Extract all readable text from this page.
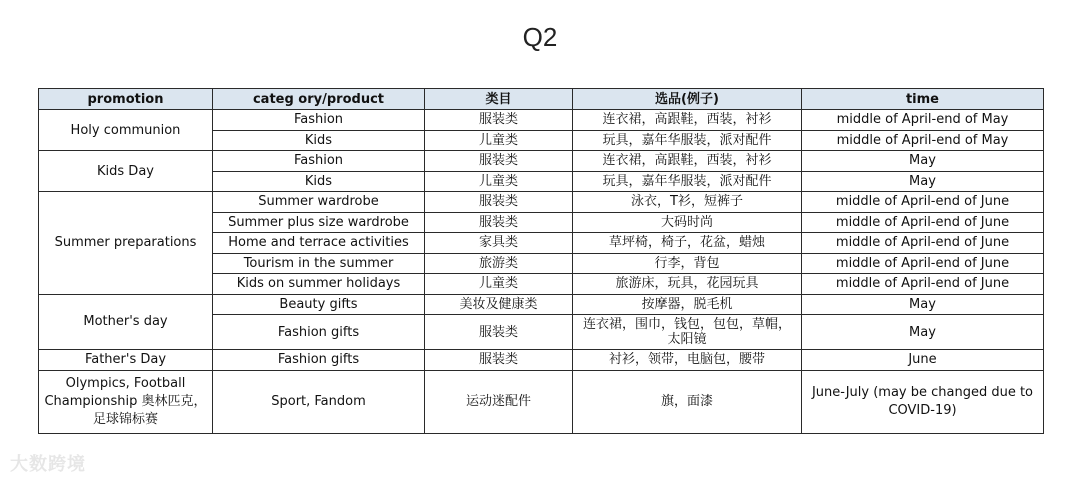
Q2
promotion	categ ory/product	类目	选品(例子)	time
Holy communion	Fashion	服装类	连衣裙，高跟鞋，西装，衬衫	middle of April-end of May
	Kids	儿童类	玩具，嘉年华服装，派对配件	middle of April-end of May
Kids Day	Fashion	服装类	连衣裙，高跟鞋，西装，衬衫	May
	Kids	儿童类	玩具，嘉年华服装，派对配件	May
Summer preparations	Summer wardrobe	服装类	泳衣，T衫，短裤子	middle of April-end of June
	Summer plus size wardrobe	服装类	大码时尚	middle of April-end of June
	Home and terrace activities	家具类	草坪椅，椅子，花盆，蜡烛	middle of April-end of June
	Tourism in the summer	旅游类	行李，背包	middle of April-end of June
	Kids on summer holidays	儿童类	旅游床，玩具，花园玩具	middle of April-end of June
Mother's day	Beauty gifts	美妆及健康类	按摩器，脱毛机	May
	Fashion gifts	服装类	连衣裙，围巾，钱包，包包，草帽，太阳镜	May
Father's Day	Fashion gifts	服装类	衬衫，领带，电脑包，腰带	June
Olympics, Football Championship 奥林匹克，足球锦标赛	Sport, Fandom	运动迷配件	旗，面漆	June-July (may be changed due to COVID-19)
大数跨境
